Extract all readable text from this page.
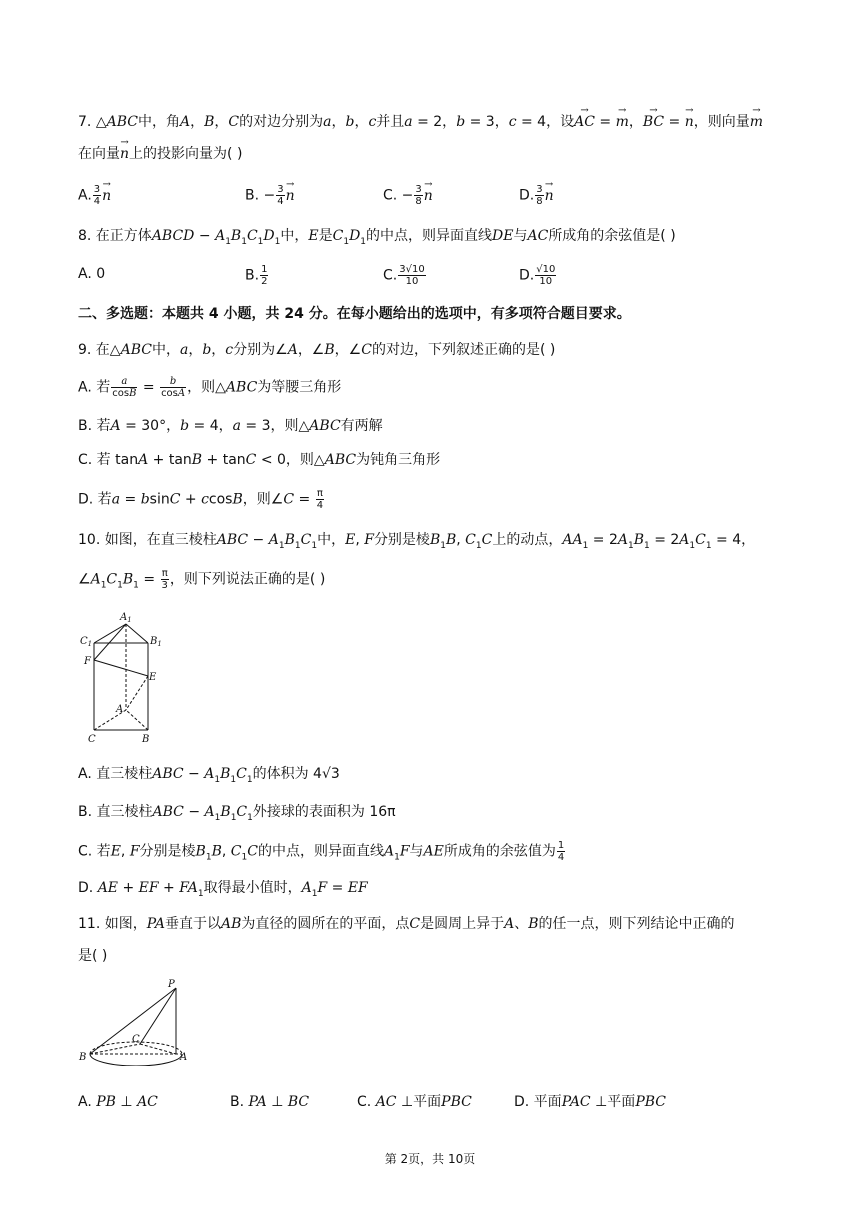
7. △ABC中，角A，B，C的对边分别为a，b，c并且a = 2，b = 3，c = 4，设→ AC = → m，→ BC = → n，则向量→ m
在向量→ n上的投影向量为( )
A. $\frac{3}{4}$
→ n	B. − $\frac{3}{4}$
→ n	C. − $\frac{3}{8}$
→ n	D. $\frac{3}{8}$
→ n
8. 在正方体ABCD − $A_1B_1C_1D_1$中，E是$C_1D_1$的中点，则异面直线DE与AC所成角的余弦值是( )
A. 0	B. $\frac{1}{2}$	C. $\frac{3√10}{10}$	D. $\frac{√10}{10}$
二、多选题：本题共 4 小题，共 24 分。在每小题给出的选项中，有多项符合题目要求。
9. 在△ABC中，a，b，c分别为∠A，∠B，∠C的对边，下列叙述正确的是( )
A. 若 $\frac{a}{\cos B} = \frac{b}{\cos A}$ ，则△ABC为等腰三角形
B. 若A = 30°，b = 4，a = 3，则△ABC有两解
C. 若 tanA + tanB + tanC < 0，则△ABC为钝角三角形
D. 若a = bsinC + ccosB，则∠C = $\frac{\pi}{4}$
10. 如图，在直三棱柱ABC − $A_1B_1C_1$中，E, F分别是棱$B_1B$, $C_1C$上的动点，$AA_1 = 2A_1B_1 = 2A_1C_1 = 4$，
$\angle A_1C_1B_1 = \frac{\pi}{3}$ ，则下列说法正确的是( )
$A_1$
$C_1$	$B_1$
F
E
A
C	B
A. 直三棱柱ABC − $A_1B_1C_1$的体积为 4√3
B. 直三棱柱ABC − $A_1B_1C_1$外接球的表面积为 16π
C. 若E, F分别是棱$B_1B$, $C_1C$的中点，则异面直线$A_1F$与AE所成角的余弦值为 $\frac{1}{4}$
D. AE + EF + $FA_1$取得最小值时，$A_1F$ = EF
11. 如图，PA垂直于以AB为直径的圆所在的平面，点C是圆周上异于A、B的任一点，则下列结论中正确的
是( )
P
C
B	A
A. PB ⊥ AC	B. PA ⊥ BC	C. AC ⊥平面PBC	D. 平面PAC ⊥平面PBC
第 2页，共 10页
